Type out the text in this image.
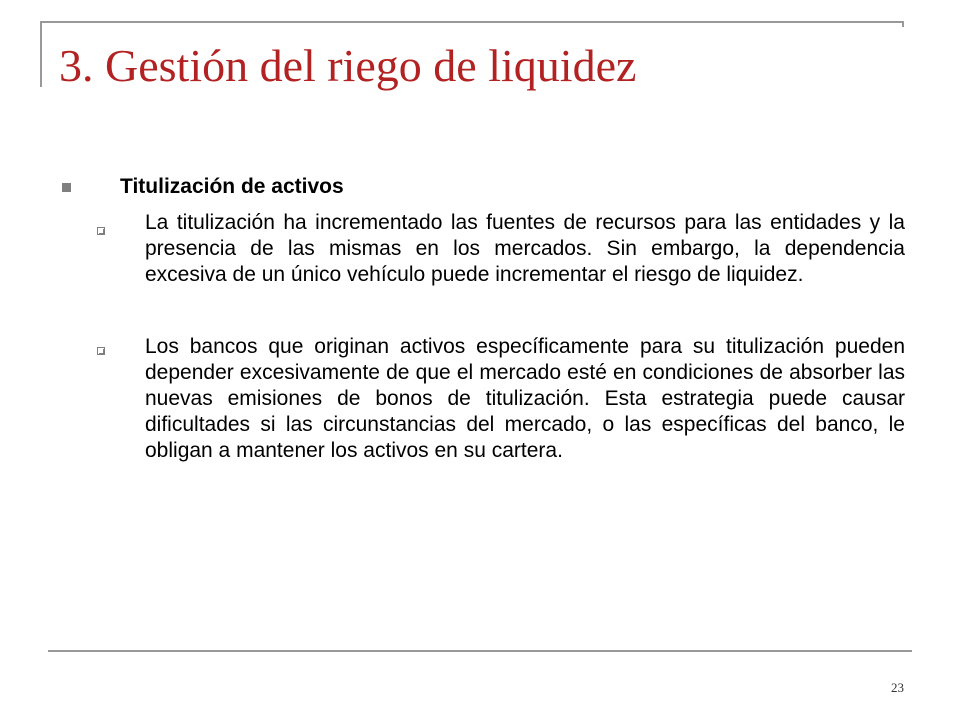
3. Gestión del riego de liquidez

Titulización de activos

La titulización ha incrementado las fuentes de recursos para las entidades y la presencia de las mismas en los mercados. Sin embargo, la dependencia excesiva de un único vehículo puede incrementar el riesgo de liquidez.

Los bancos que originan activos específicamente para su titulización pueden depender excesivamente de que el mercado esté en condiciones de absorber las nuevas emisiones de bonos de titulización. Esta estrategia puede causar dificultades si las circunstancias del mercado, o las específicas del banco, le obligan a mantener los activos en su cartera.

23
